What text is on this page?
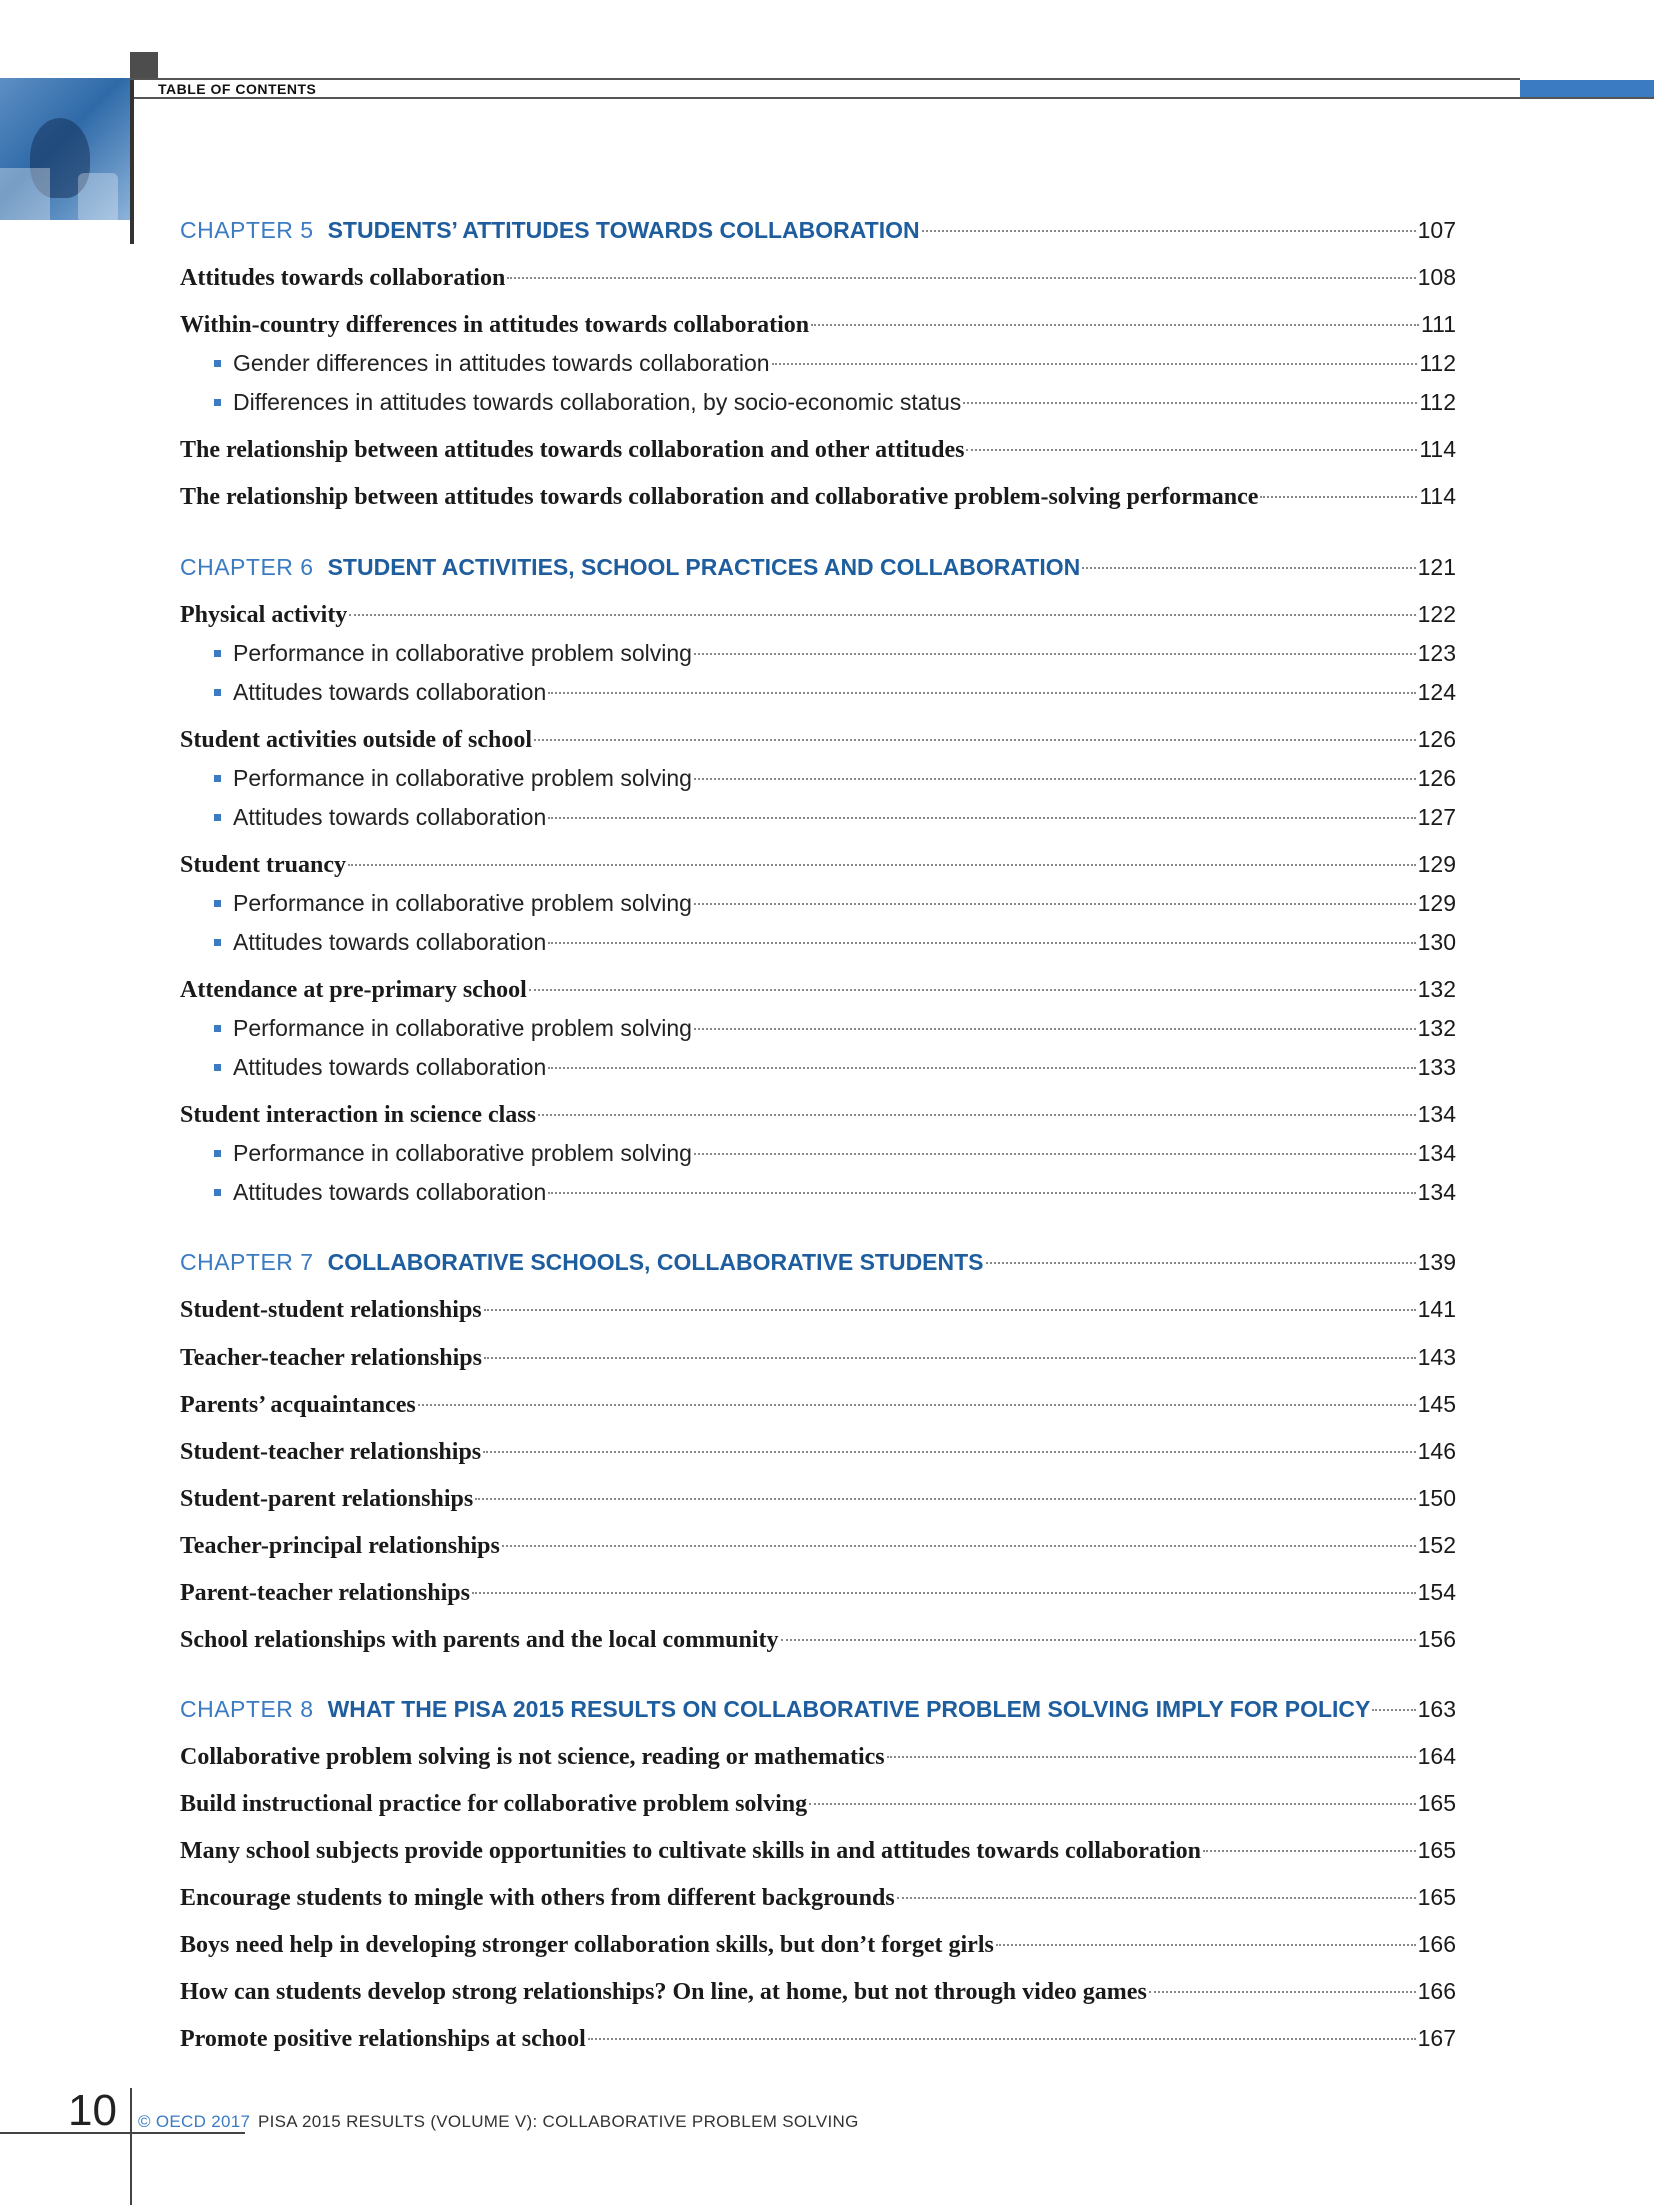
TABLE OF CONTENTS
CHAPTER 5 STUDENTS’ ATTITUDES TOWARDS COLLABORATION	107
Attitudes towards collaboration	108
Within-country differences in attitudes towards collaboration	111
Gender differences in attitudes towards collaboration	112
Differences in attitudes towards collaboration, by socio-economic status	112
The relationship between attitudes towards collaboration and other attitudes	114
The relationship between attitudes towards collaboration and collaborative problem-solving performance	114
CHAPTER 6 STUDENT ACTIVITIES, SCHOOL PRACTICES AND COLLABORATION	121
Physical activity	122
Performance in collaborative problem solving	123
Attitudes towards collaboration	124
Student activities outside of school	126
Performance in collaborative problem solving	126
Attitudes towards collaboration	127
Student truancy	129
Performance in collaborative problem solving	129
Attitudes towards collaboration	130
Attendance at pre-primary school	132
Performance in collaborative problem solving	132
Attitudes towards collaboration	133
Student interaction in science class	134
Performance in collaborative problem solving	134
Attitudes towards collaboration	134
CHAPTER 7 COLLABORATIVE SCHOOLS, COLLABORATIVE STUDENTS	139
Student-student relationships	141
Teacher-teacher relationships	143
Parents’ acquaintances	145
Student-teacher relationships	146
Student-parent relationships	150
Teacher-principal relationships	152
Parent-teacher relationships	154
School relationships with parents and the local community	156
CHAPTER 8 WHAT THE PISA 2015 RESULTS ON COLLABORATIVE PROBLEM SOLVING IMPLY FOR POLICY 163
Collaborative problem solving is not science, reading or mathematics	164
Build instructional practice for collaborative problem solving	165
Many school subjects provide opportunities to cultivate skills in and attitudes towards collaboration	165
Encourage students to mingle with others from different backgrounds	165
Boys need help in developing stronger collaboration skills, but don’t forget girls	166
How can students develop strong relationships? On line, at home, but not through video games	166
Promote positive relationships at school	167
10 © OECD 2017 PISA 2015 RESULTS (VOLUME V): COLLABORATIVE PROBLEM SOLVING
